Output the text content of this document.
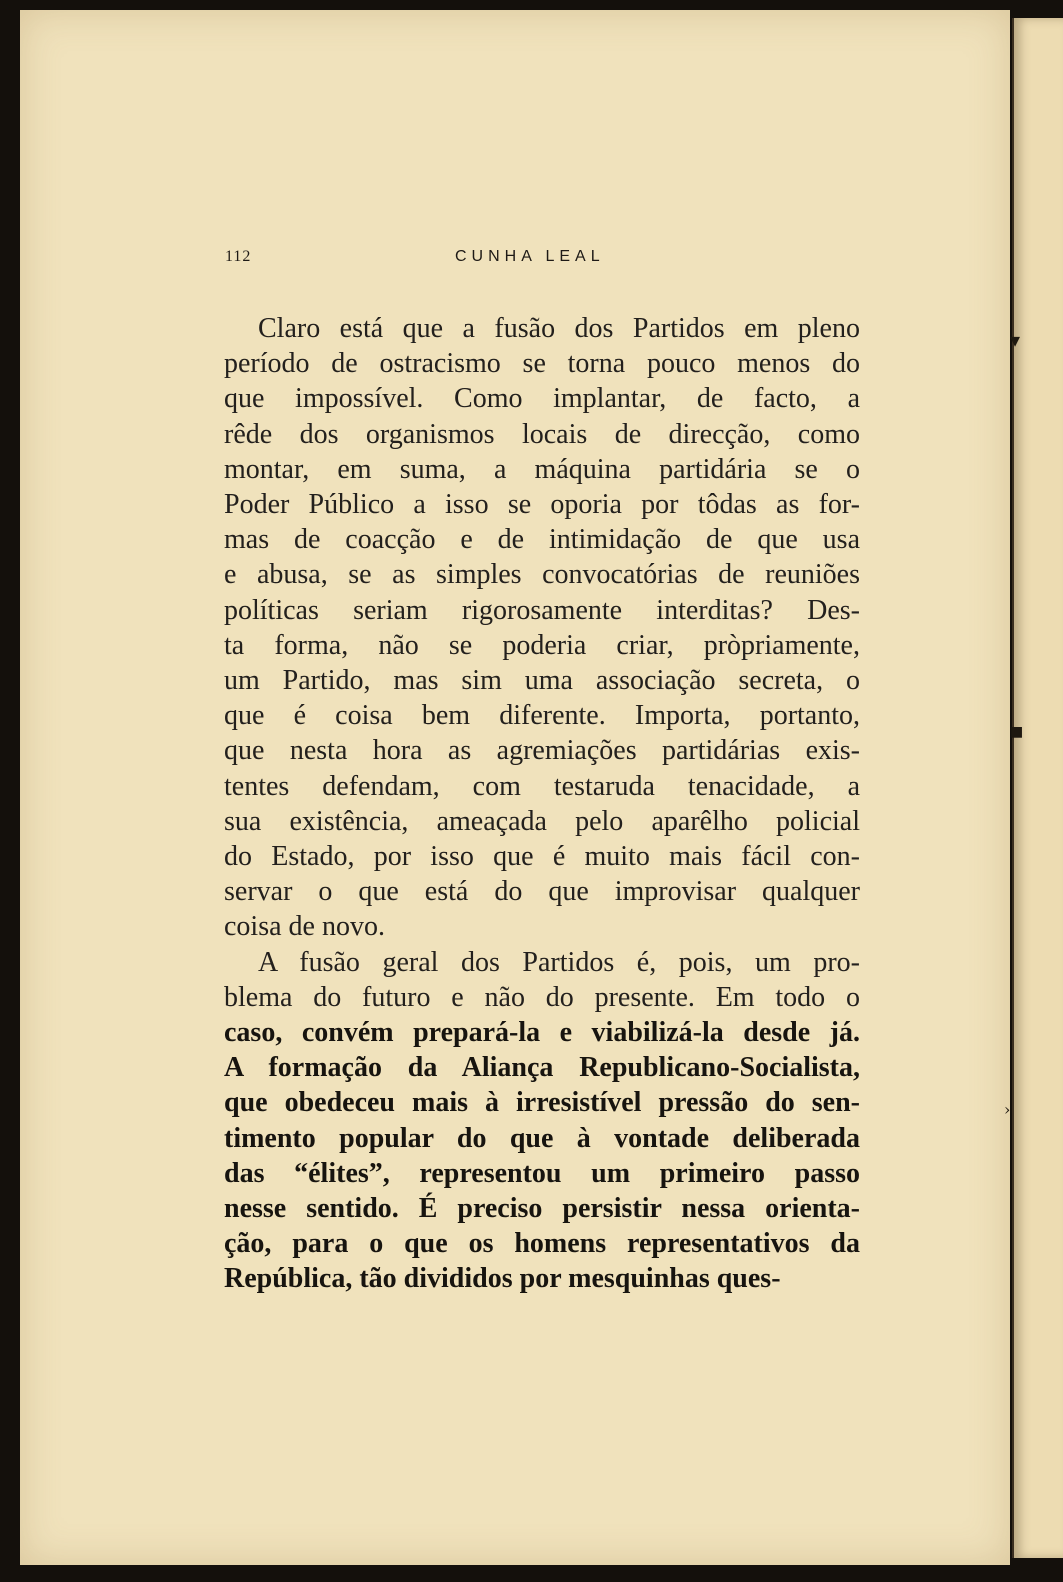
▾
■
›
112	CUNHA LEAL
Claro está que a fusão dos Partidos em pleno
período de ostracismo se torna pouco menos do
que impossível. Como implantar, de facto, a
rêde dos organismos locais de direcção, como
montar, em suma, a máquina partidária se o
Poder Público a isso se oporia por tôdas as for-
mas de coacção e de intimidação de que usa
e abusa, se as simples convocatórias de reuniões
políticas seriam rigorosamente interditas? Des-
ta forma, não se poderia criar, pròpriamente,
um Partido, mas sim uma associação secreta, o
que é coisa bem diferente. Importa, portanto,
que nesta hora as agremiações partidárias exis-
tentes defendam, com testaruda tenacidade, a
sua existência, ameaçada pelo aparêlho policial
do Estado, por isso que é muito mais fácil con-
servar o que está do que improvisar qualquer
coisa de novo.
A fusão geral dos Partidos é, pois, um pro-
blema do futuro e não do presente. Em todo o
caso, convém prepará-la e viabilizá-la desde já.
A formação da Aliança Republicano-Socialista,
que obedeceu mais à irresistível pressão do sen-
timento popular do que à vontade deliberada
das “élites”, representou um primeiro passo
nesse sentido. É preciso persistir nessa orienta-
ção, para o que os homens representativos da
República, tão divididos por mesquinhas ques-
